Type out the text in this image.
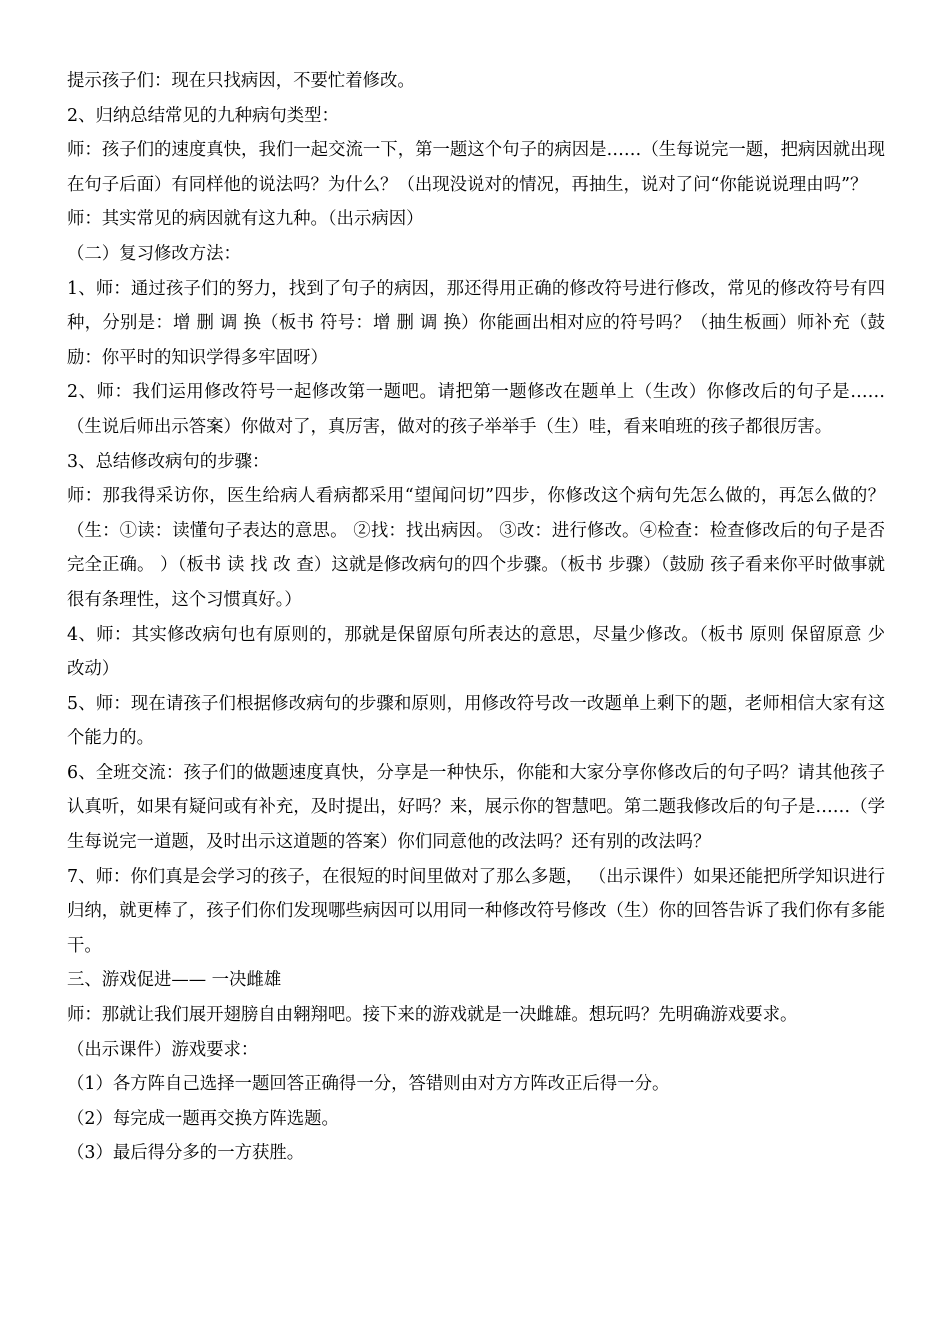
提示孩子们：现在只找病因，不要忙着修改。

2、归纳总结常见的九种病句类型：

师：孩子们的速度真快，我们一起交流一下，第一题这个句子的病因是……（生每说完一题，把病因就出现在句子后面）有同样他的说法吗？为什么？（出现没说对的情况，再抽生，说对了问“你能说说理由吗”？

师：其实常见的病因就有这九种。（出示病因）

（二）复习修改方法：

1、师：通过孩子们的努力，找到了句子的病因，那还得用正确的修改符号进行修改，常见的修改符号有四种，分别是：增 删 调 换（板书 符号：增 删 调 换）你能画出相对应的符号吗？（抽生板画）师补充（鼓励：你平时的知识学得多牢固呀）

2、师：我们运用修改符号一起修改第一题吧。请把第一题修改在题单上（生改）你修改后的句子是……（生说后师出示答案）你做对了，真厉害，做对的孩子举举手（生）哇，看来咱班的孩子都很厉害。

3、总结修改病句的步骤：

师：那我得采访你，医生给病人看病都采用“望闻问切”四步，你修改这个病句先怎么做的，再怎么做的？（生：①读：读懂句子表达的意思。 ②找：找出病因。 ③改：进行修改。④检查：检查修改后的句子是否完全正确。 ）（板书 读 找 改 查）这就是修改病句的四个步骤。（板书 步骤）（鼓励 孩子看来你平时做事就很有条理性，这个习惯真好。）

4、师：其实修改病句也有原则的，那就是保留原句所表达的意思，尽量少修改。（板书 原则 保留原意 少改动）

5、师：现在请孩子们根据修改病句的步骤和原则，用修改符号改一改题单上剩下的题，老师相信大家有这个能力的。

6、全班交流：孩子们的做题速度真快，分享是一种快乐，你能和大家分享你修改后的句子吗？请其他孩子认真听，如果有疑问或有补充，及时提出，好吗？来，展示你的智慧吧。第二题我修改后的句子是……（学生每说完一道题，及时出示这道题的答案）你们同意他的改法吗？还有别的改法吗？

7、师：你们真是会学习的孩子，在很短的时间里做对了那么多题， （出示课件）如果还能把所学知识进行归纳，就更棒了，孩子们你们发现哪些病因可以用同一种修改符号修改（生）你的回答告诉了我们你有多能干。

三、游戏促进—— 一决雌雄

师：那就让我们展开翅膀自由翱翔吧。接下来的游戏就是一决雌雄。想玩吗？先明确游戏要求。

（出示课件）游戏要求：

（1）各方阵自己选择一题回答正确得一分，答错则由对方方阵改正后得一分。

（2）每完成一题再交换方阵选题。

（3）最后得分多的一方获胜。
